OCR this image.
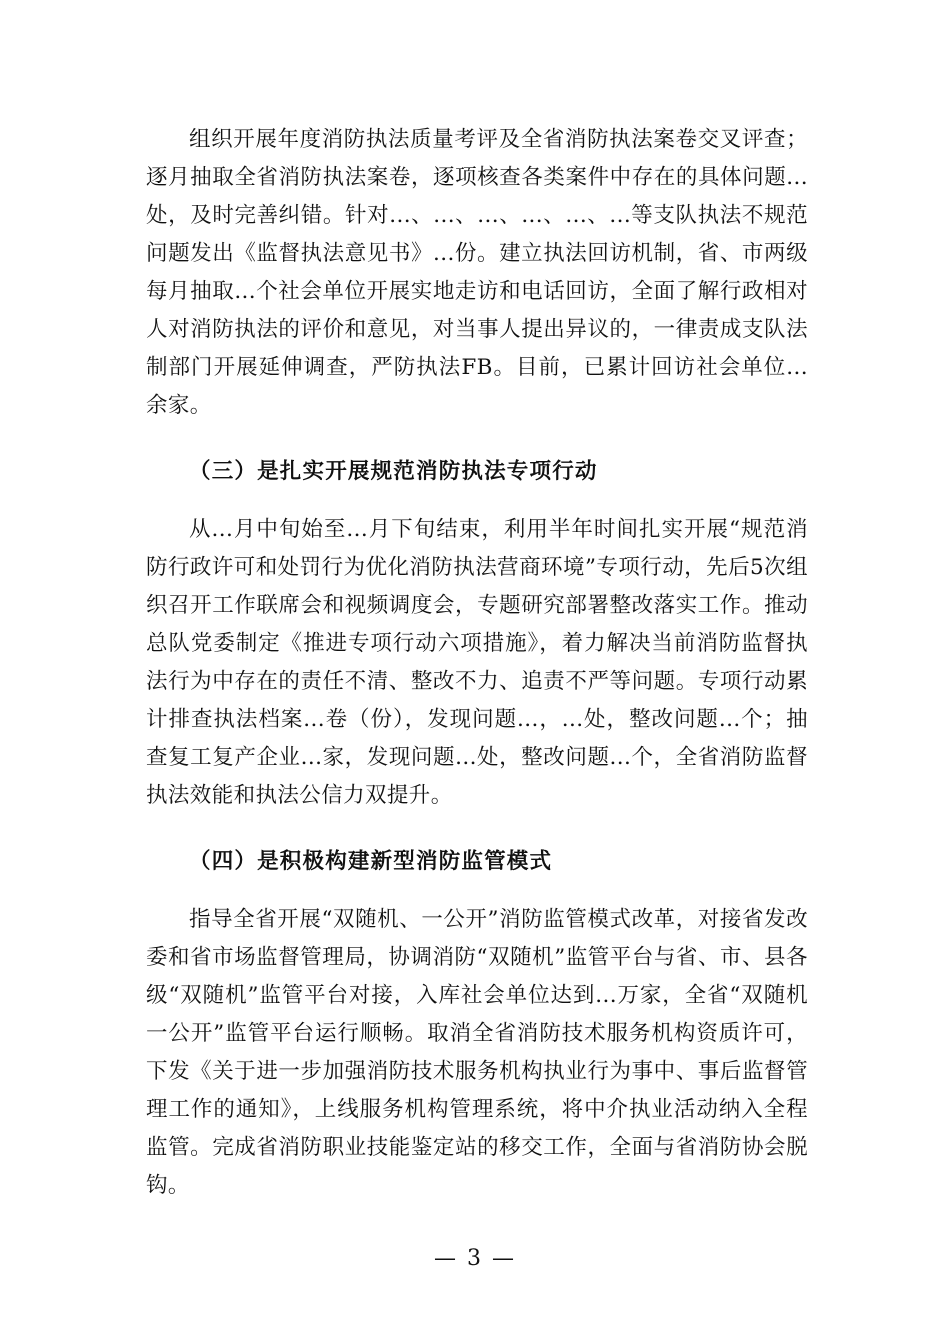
组织开展年度消防执法质量考评及全省消防执法案卷交叉评查；逐月抽取全省消防执法案卷，逐项核查各类案件中存在的具体问题...处，及时完善纠错。针对...、...、...、...、...、...等支队执法不规范问题发出《监督执法意见书》...份。建立执法回访机制，省、市两级每月抽取...个社会单位开展实地走访和电话回访，全面了解行政相对人对消防执法的评价和意见，对当事人提出异议的，一律责成支队法制部门开展延伸调查，严防执法FB。目前，已累计回访社会单位...余家。

（三）是扎实开展规范消防执法专项行动

从...月中旬始至...月下旬结束，利用半年时间扎实开展“规范消防行政许可和处罚行为优化消防执法营商环境”专项行动，先后5次组织召开工作联席会和视频调度会，专题研究部署整改落实工作。推动总队党委制定《推进专项行动六项措施》，着力解决当前消防监督执法行为中存在的责任不清、整改不力、追责不严等问题。专项行动累计排查执法档案...卷（份），发现问题...，...处，整改问题...个；抽查复工复产企业...家，发现问题...处，整改问题...个，全省消防监督执法效能和执法公信力双提升。

（四）是积极构建新型消防监管模式

指导全省开展“双随机、一公开”消防监管模式改革，对接省发改委和省市场监督管理局，协调消防“双随机”监管平台与省、市、县各级“双随机”监管平台对接，入库社会单位达到...万家，全省“双随机一公开”监管平台运行顺畅。取消全省消防技术服务机构资质许可，下发《关于进一步加强消防技术服务机构执业行为事中、事后监督管理工作的通知》，上线服务机构管理系统，将中介执业活动纳入全程监管。完成省消防职业技能鉴定站的移交工作，全面与省消防协会脱钩。

— 3 —
